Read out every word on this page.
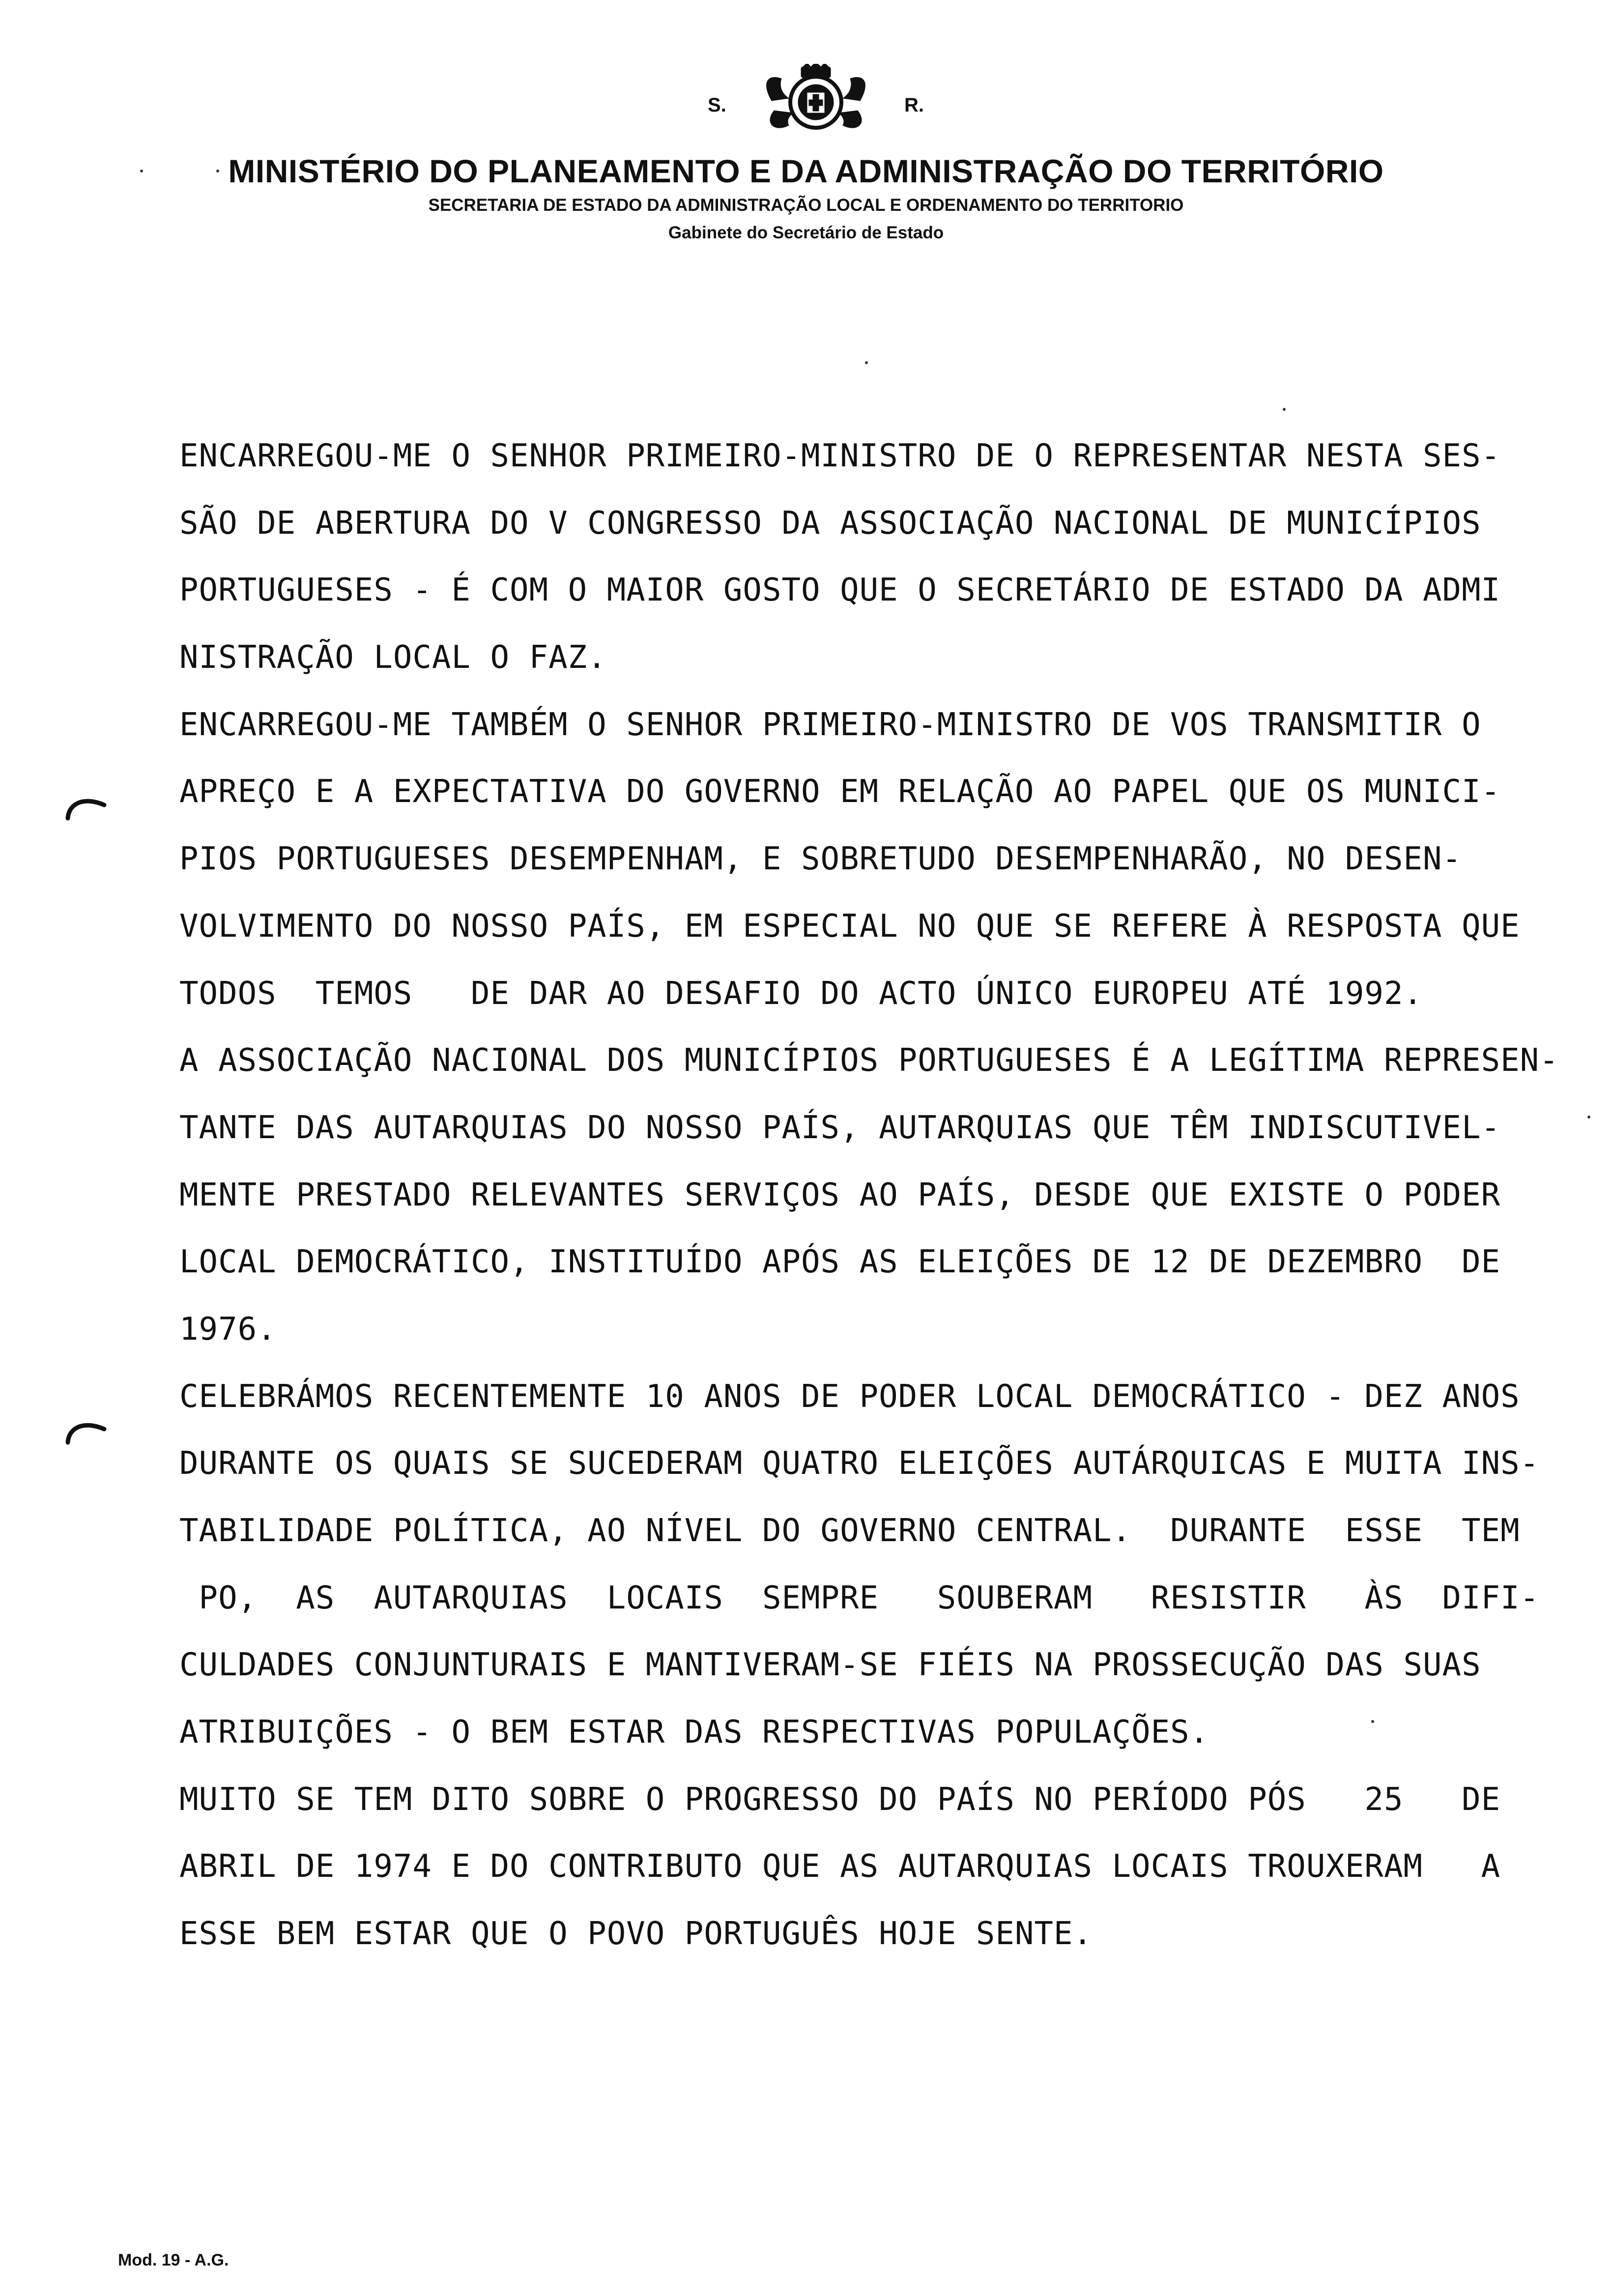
S.	R.
MINISTÉRIO DO PLANEAMENTO E DA ADMINISTRAÇÃO DO TERRITÓRIO
SECRETARIA DE ESTADO DA ADMINISTRAÇÃO LOCAL E ORDENAMENTO DO TERRITORIO
Gabinete do Secretário de Estado
ENCARREGOU-ME O SENHOR PRIMEIRO-MINISTRO DE O REPRESENTAR NESTA SES-
SÃO DE ABERTURA DO V CONGRESSO DA ASSOCIAÇÃO NACIONAL DE MUNICÍPIOS
PORTUGUESES - É COM O MAIOR GOSTO QUE O SECRETÁRIO DE ESTADO DA ADMI
NISTRAÇÃO LOCAL O FAZ.
ENCARREGOU-ME TAMBÉM O SENHOR PRIMEIRO-MINISTRO DE VOS TRANSMITIR O
APREÇO E A EXPECTATIVA DO GOVERNO EM RELAÇÃO AO PAPEL QUE OS MUNICI-
PIOS PORTUGUESES DESEMPENHAM, E SOBRETUDO DESEMPENHARÃO, NO DESEN-
VOLVIMENTO DO NOSSO PAÍS, EM ESPECIAL NO QUE SE REFERE À RESPOSTA QUE
TODOS  TEMOS   DE DAR AO DESAFIO DO ACTO ÚNICO EUROPEU ATÉ 1992.
A ASSOCIAÇÃO NACIONAL DOS MUNICÍPIOS PORTUGUESES É A LEGÍTIMA REPRESEN-
TANTE DAS AUTARQUIAS DO NOSSO PAÍS, AUTARQUIAS QUE TÊM INDISCUTIVEL-
MENTE PRESTADO RELEVANTES SERVIÇOS AO PAÍS, DESDE QUE EXISTE O PODER
LOCAL DEMOCRÁTICO, INSTITUÍDO APÓS AS ELEIÇÕES DE 12 DE DEZEMBRO  DE
1976.
CELEBRÁMOS RECENTEMENTE 10 ANOS DE PODER LOCAL DEMOCRÁTICO - DEZ ANOS
DURANTE OS QUAIS SE SUCEDERAM QUATRO ELEIÇÕES AUTÁRQUICAS E MUITA INS-
TABILIDADE POLÍTICA, AO NÍVEL DO GOVERNO CENTRAL.  DURANTE  ESSE  TEM
PO,  AS  AUTARQUIAS  LOCAIS  SEMPRE   SOUBERAM   RESISTIR   ÀS  DIFI-
CULDADES CONJUNTURAIS E MANTIVERAM-SE FIÉIS NA PROSSECUÇÃO DAS SUAS
ATRIBUIÇÕES - O BEM ESTAR DAS RESPECTIVAS POPULAÇÕES.
MUITO SE TEM DITO SOBRE O PROGRESSO DO PAÍS NO PERÍODO PÓS   25   DE
ABRIL DE 1974 E DO CONTRIBUTO QUE AS AUTARQUIAS LOCAIS TROUXERAM   A
ESSE BEM ESTAR QUE O POVO PORTUGUÊS HOJE SENTE.
Mod. 19 - A.G.
